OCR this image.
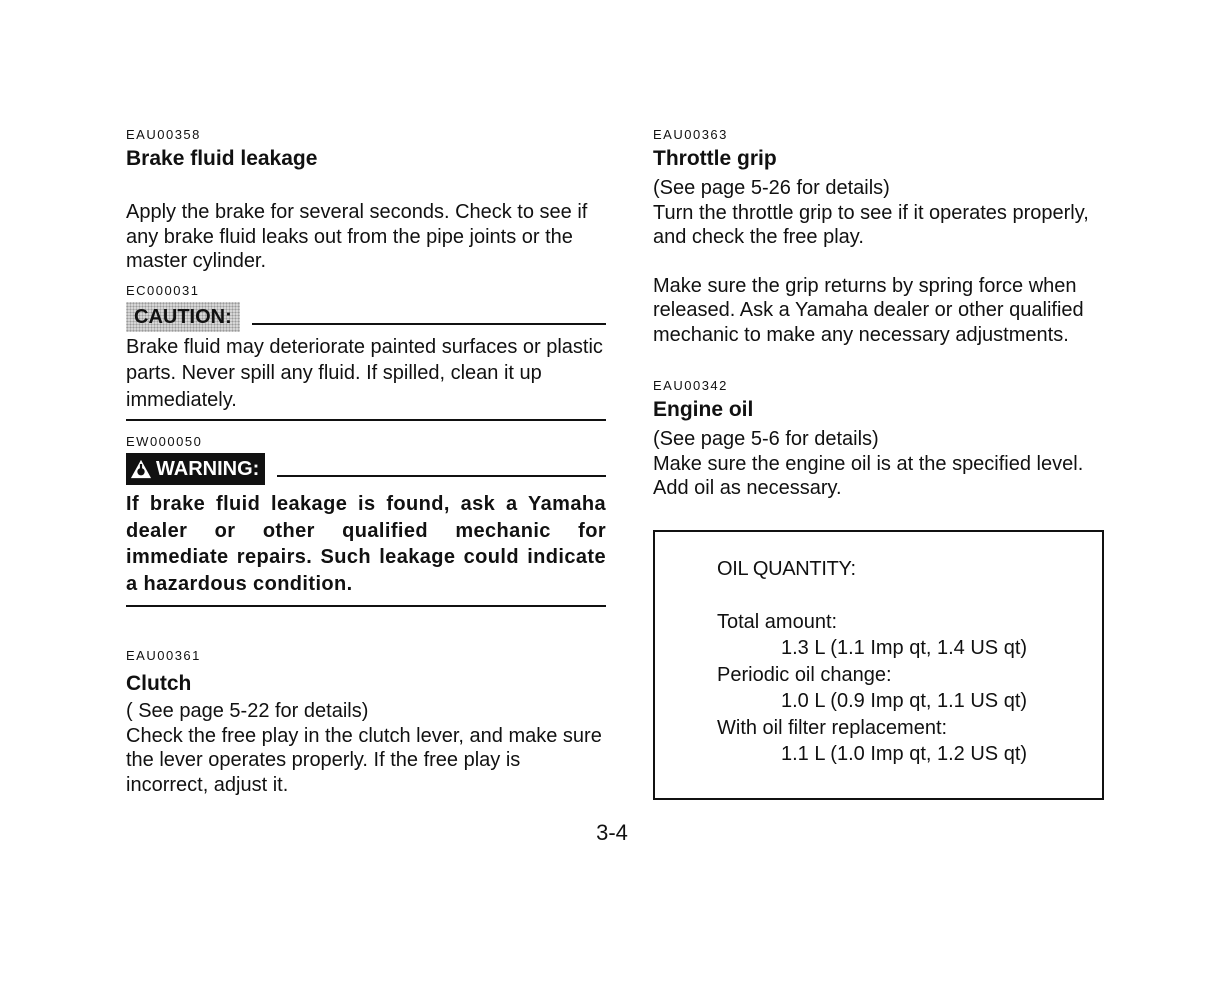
EAU00358

Brake fluid leakage

Apply the brake for several seconds. Check to see if any brake fluid leaks out from the pipe joints or the master cylinder.

EC000031

CAUTION:

Brake fluid may deteriorate painted surfaces or plastic parts. Never spill any fluid. If spilled, clean it up immediately.

EW000050

WARNING:

If brake fluid leakage is found, ask a Yamaha dealer or other qualified mechanic for immediate repairs. Such leakage could indicate a hazardous condition.

EAU00361

Clutch

( See page 5-22 for details)

Check the free play in the clutch lever, and make sure the lever operates properly. If the free play is incorrect, adjust it.

EAU00363

Throttle grip

(See page 5-26 for details)

Turn the throttle grip to see if it operates properly, and check the free play.

Make sure the grip returns by spring force when released. Ask a Yamaha dealer or other qualified mechanic to make any necessary adjustments.

EAU00342

Engine oil

(See page 5-6 for details)

Make sure the engine oil is at the specified level. Add oil as necessary.

OIL QUANTITY:
Total amount:
1.3 L (1.1 Imp qt, 1.4 US qt)
Periodic oil change:
1.0 L (0.9 Imp qt, 1.1 US qt)
With oil filter replacement:
1.1 L (1.0 Imp qt, 1.2 US qt)
3-4
